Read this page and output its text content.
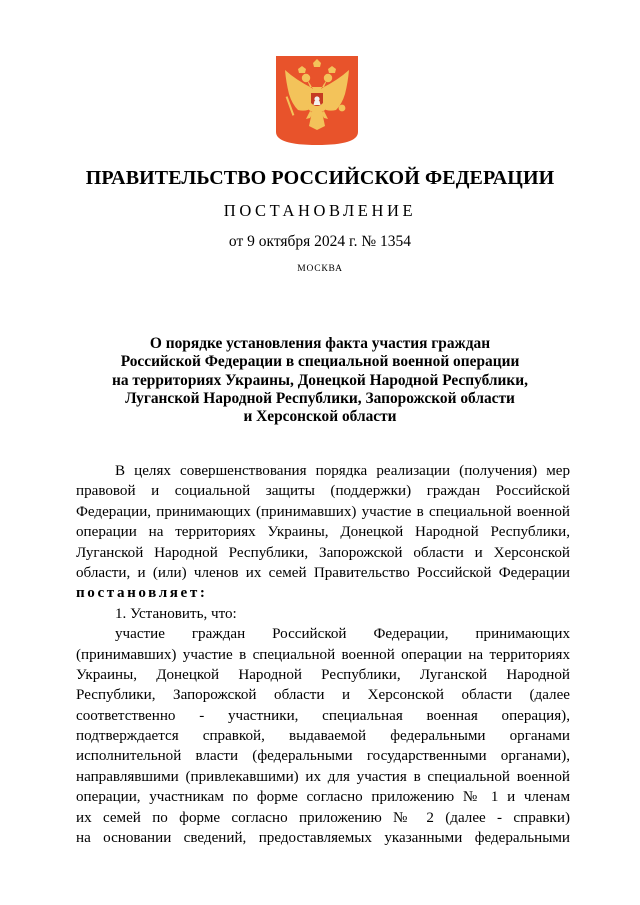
ПРАВИТЕЛЬСТВО РОССИЙСКОЙ ФЕДЕРАЦИИ
ПОСТАНОВЛЕНИЕ
от 9 октября 2024 г. № 1354
МОСКВА
О порядке установления факта участия граждан
Российской Федерации в специальной военной операции
на территориях Украины, Донецкой Народной Республики,
Луганской Народной Республики, Запорожской области
и Херсонской области
В целях совершенствования порядка реализации (получения) мер
правовой и социальной защиты (поддержки) граждан Российской
Федерации, принимающих (принимавших) участие в специальной военной
операции на территориях Украины, Донецкой Народной Республики,
Луганской Народной Республики, Запорожской области и Херсонской
области, и (или) членов их семей Правительство Российской Федерации
постановляет:
1. Установить, что:
участие граждан Российской Федерации, принимающих
(принимавших) участие в специальной военной операции на территориях
Украины, Донецкой Народной Республики, Луганской Народной
Республики, Запорожской области и Херсонской области (далее
соответственно - участники, специальная военная операция),
подтверждается справкой, выдаваемой федеральными органами
исполнительной власти (федеральными государственными органами),
направлявшими (привлекавшими) их для участия в специальной военной
операции, участникам по форме согласно приложению № 1 и членам
их семей по форме согласно приложению № 2 (далее - справки)
на основании сведений, предоставляемых указанными федеральными
